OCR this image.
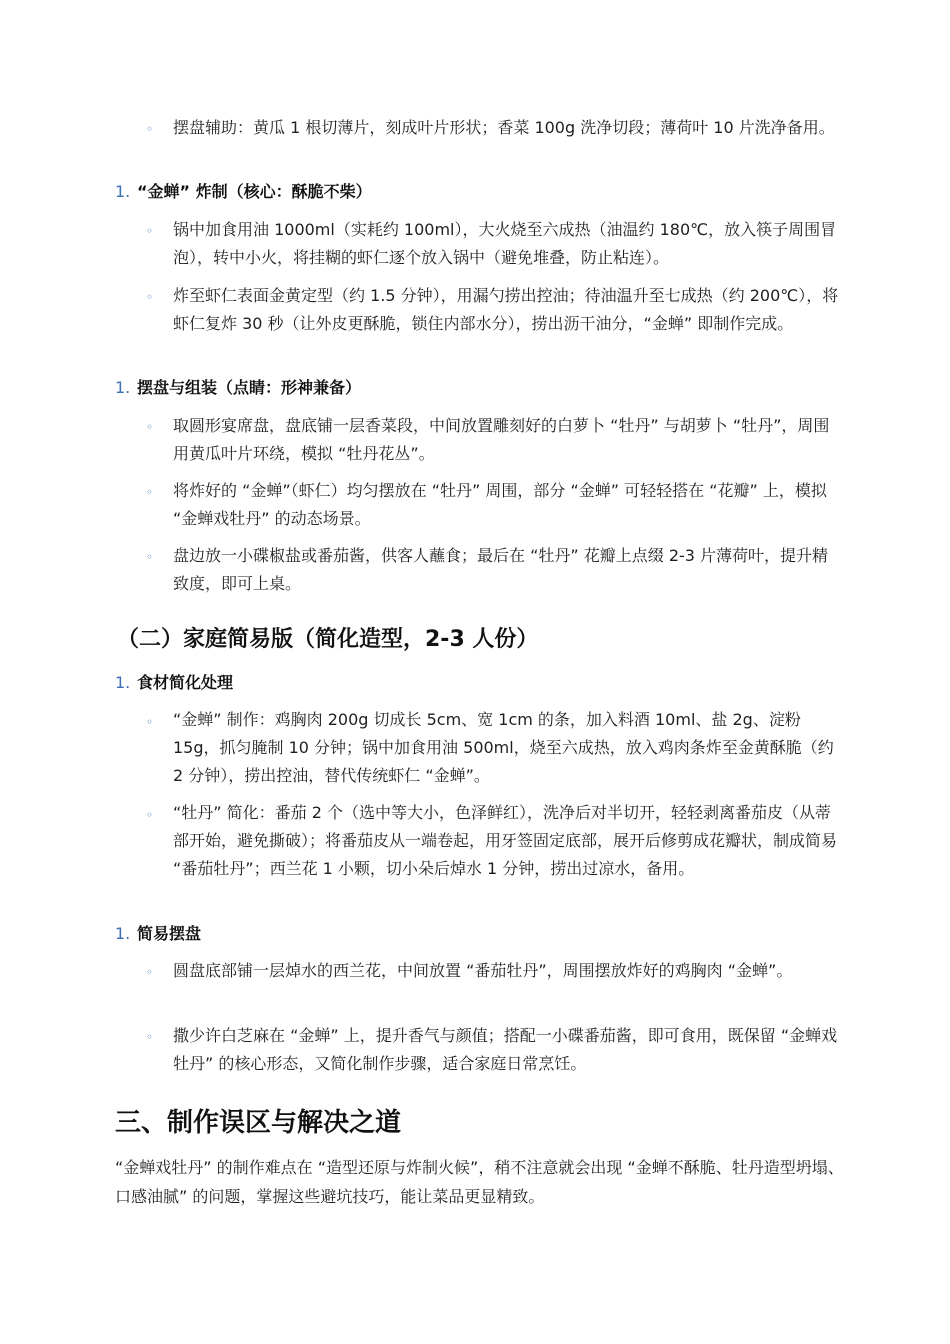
◦ 摆盘辅助：黄瓜 1 根切薄片，刻成叶片形状；香菜 100g 洗净切段；薄荷叶 10 片洗净备用。
1. “金蝉” 炸制（核心：酥脆不柴）
◦ 锅中加食用油 1000ml（实耗约 100ml），大火烧至六成热（油温约 180℃，放入筷子周围冒泡），转中小火，将挂糊的虾仁逐个放入锅中（避免堆叠，防止粘连）。
◦ 炸至虾仁表面金黄定型（约 1.5 分钟），用漏勺捞出控油；待油温升至七成热（约 200℃），将虾仁复炸 30 秒（让外皮更酥脆，锁住内部水分），捞出沥干油分，“金蝉” 即制作完成。
1. 摆盘与组装（点睛：形神兼备）
◦ 取圆形宴席盘，盘底铺一层香菜段，中间放置雕刻好的白萝卜 “牡丹” 与胡萝卜 “牡丹”，周围用黄瓜叶片环绕，模拟 “牡丹花丛”。
◦ 将炸好的 “金蝉”（虾仁）均匀摆放在 “牡丹” 周围，部分 “金蝉” 可轻轻搭在 “花瓣” 上，模拟 “金蝉戏牡丹” 的动态场景。
◦ 盘边放一小碟椒盐或番茄酱，供客人蘸食；最后在 “牡丹” 花瓣上点缀 2-3 片薄荷叶，提升精致度，即可上桌。
（二）家庭简易版（简化造型，2-3 人份）
1. 食材简化处理
◦ “金蝉” 制作：鸡胸肉 200g 切成长 5cm、宽 1cm 的条，加入料酒 10ml、盐 2g、淀粉 15g，抓匀腌制 10 分钟；锅中加食用油 500ml，烧至六成热，放入鸡肉条炸至金黄酥脆（约 2 分钟），捞出控油，替代传统虾仁 “金蝉”。
◦ “牡丹” 简化：番茄 2 个（选中等大小，色泽鲜红），洗净后对半切开，轻轻剥离番茄皮（从蒂部开始，避免撕破）；将番茄皮从一端卷起，用牙签固定底部，展开后修剪成花瓣状，制成简易 “番茄牡丹”；西兰花 1 小颗，切小朵后焯水 1 分钟，捞出过凉水，备用。
1. 简易摆盘
◦ 圆盘底部铺一层焯水的西兰花，中间放置 “番茄牡丹”，周围摆放炸好的鸡胸肉 “金蝉”。
◦ 撒少许白芝麻在 “金蝉” 上，提升香气与颜值；搭配一小碟番茄酱，即可食用，既保留 “金蝉戏牡丹” 的核心形态，又简化制作步骤，适合家庭日常烹饪。
三、制作误区与解决之道
“金蝉戏牡丹” 的制作难点在 “造型还原与炸制火候”，稍不注意就会出现 “金蝉不酥脆、牡丹造型坍塌、口感油腻” 的问题，掌握这些避坑技巧，能让菜品更显精致。
